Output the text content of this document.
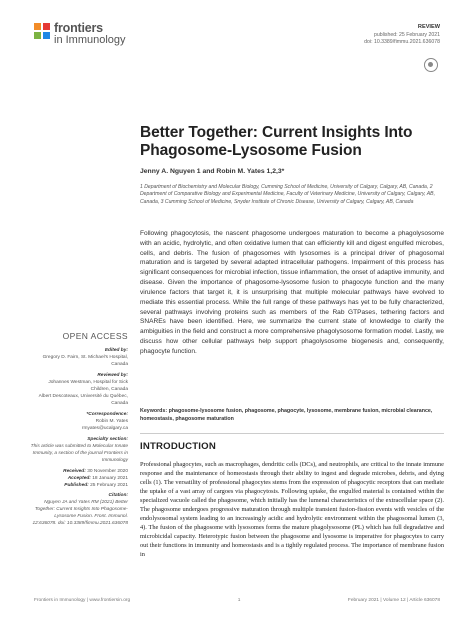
frontiers
in Immunology
REVIEW
published: 25 February 2021
doi: 10.3389/fimmu.2021.636078
Better Together: Current Insights Into Phagosome-Lysosome Fusion
Jenny A. Nguyen 1 and Robin M. Yates 1,2,3*
1 Department of Biochemistry and Molecular Biology, Cumming School of Medicine, University of Calgary, Calgary, AB, Canada, 2 Department of Comparative Biology and Experimental Medicine, Faculty of Veterinary Medicine, University of Calgary, Calgary, AB, Canada, 3 Cumming School of Medicine, Snyder Institute of Chronic Disease, University of Calgary, Calgary, AB, Canada
Following phagocytosis, the nascent phagosome undergoes maturation to become a phagolysosome with an acidic, hydrolytic, and often oxidative lumen that can efficiently kill and digest engulfed microbes, cells, and debris. The fusion of phagosomes with lysosomes is a principal driver of phagosomal maturation and is targeted by several adapted intracellular pathogens. Impairment of this process has significant consequences for microbial infection, tissue inflammation, the onset of adaptive immunity, and disease. Given the importance of phagosome-lysosome fusion to phagocyte function and the many virulence factors that target it, it is unsurprising that multiple molecular pathways have evolved to mediate this essential process. While the full range of these pathways has yet to be fully characterized, several pathways involving proteins such as members of the Rab GTPases, tethering factors and SNAREs have been identified. Here, we summarize the current state of knowledge to clarify the ambiguities in the field and construct a more comprehensive phagolysosome formation model. Lastly, we discuss how other cellular pathways help support phagolysosome biogenesis and, consequently, phagocyte function.
Keywords: phagosome-lysosome fusion, phagosome, phagocyte, lysosome, membrane fusion, microbial clearance, homeostasis, phagosome maturation
OPEN ACCESS
Edited by:
Gregory D. Fairn, St. Michael's Hospital, Canada
Reviewed by:
Johannes Westman, Hospital for Sick Children, Canada
Albert Descoteaux, Université du Québec, Canada
*Correspondence:
Robin M. Yates
rmyates@ucalgary.ca
Specialty section:
This article was submitted to Molecular Innate Immunity, a section of the journal Frontiers in Immunology
Received: 30 November 2020
Accepted: 18 January 2021
Published: 25 February 2021
Citation:
Nguyen JA and Yates RM (2021) Better Together: Current Insights Into Phagosome-Lysosome Fusion. Front. Immunol. 12:636078. doi: 10.3389/fimmu.2021.636078
INTRODUCTION
Professional phagocytes, such as macrophages, dendritic cells (DCs), and neutrophils, are critical to the innate immune response and the maintenance of homeostasis through their ability to ingest and degrade microbes, debris, and dying cells (1). The versatility of professional phagocytes stems from the expression of phagocytic receptors that can mediate the uptake of a vast array of cargoes via phagocytosis. Following uptake, the engulfed material is contained within the specialized vacuole called the phagosome, which initially has the lumenal characteristics of the extracellular space (2). The phagosome undergoes progressive maturation through multiple transient fusion-fission events with vesicles of the endolysosomal system leading to an increasingly acidic and hydrolytic environment within the phagosomal lumen (3, 4). The fusion of the phagosome with lysosomes forms the mature phagolysosome (PL) which has full degradative and microbicidal capacity. Heterotypic fusion between the phagosome and lysosome is imperative for phagocytes to carry out their functions in immunity and homeostasis and is a tightly regulated process. The importance of membrane fusion in
Frontiers in Immunology | www.frontiersin.org	1	February 2021 | Volume 12 | Article 636078
